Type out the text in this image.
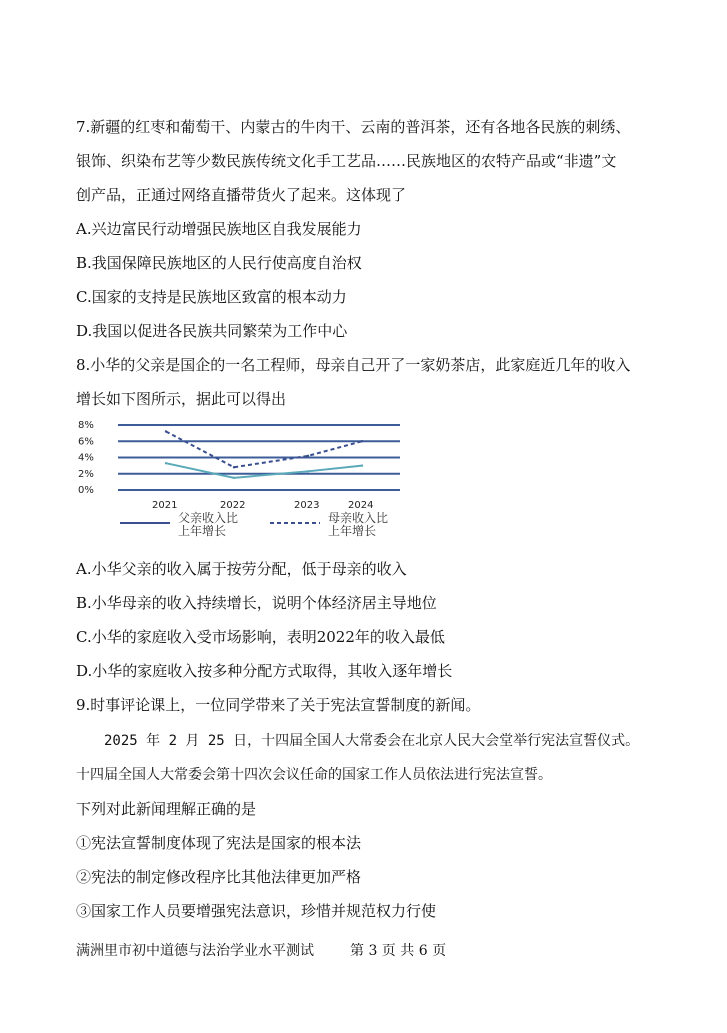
7.新疆的红枣和葡萄干、内蒙古的牛肉干、云南的普洱茶，还有各地各民族的刺绣、
银饰、织染布艺等少数民族传统文化手工艺品……民族地区的农特产品或“非遗”文
创产品，正通过网络直播带货火了起来。这体现了
A.兴边富民行动增强民族地区自我发展能力
B.我国保障民族地区的人民行使高度自治权
C.国家的支持是民族地区致富的根本动力
D.我国以促进各民族共同繁荣为工作中心
8.小华的父亲是国企的一名工程师，母亲自己开了一家奶茶店，此家庭近几年的收入
增长如下图所示，据此可以得出
8%
6%
4%
2%
0%
2021	2022	2023	2024
父亲收入比
上年增长
母亲收入比
上年增长
A.小华父亲的收入属于按劳分配，低于母亲的收入
B.小华母亲的收入持续增长，说明个体经济居主导地位
C.小华的家庭收入受市场影响，表明2022年的收入最低
D.小华的家庭收入按多种分配方式取得，其收入逐年增长
9.时事评论课上，一位同学带来了关于宪法宣誓制度的新闻。
2025 年 2 月 25 日，十四届全国人大常委会在北京人民大会堂举行宪法宣誓仪式。
十四届全国人大常委会第十四次会议任命的国家工作人员依法进行宪法宣誓。
下列对此新闻理解正确的是
①宪法宣誓制度体现了宪法是国家的根本法
②宪法的制定修改程序比其他法律更加严格
③国家工作人员要增强宪法意识，珍惜并规范权力行使
满洲里市初中道德与法治学业水平测试	第 3 页 共 6 页
